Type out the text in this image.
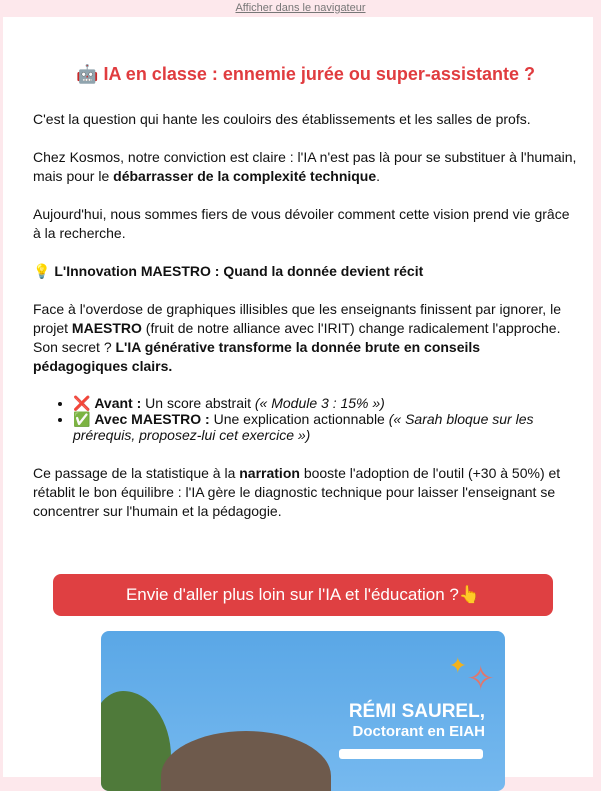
Afficher dans le navigateur
🤖 IA en classe : ennemie jurée ou super-assistante ?

C'est la question qui hante les couloirs des établissements et les salles de profs.

Chez Kosmos, notre conviction est claire : l'IA n'est pas là pour se substituer à l'humain, mais pour le débarrasser de la complexité technique.

Aujourd'hui, nous sommes fiers de vous dévoiler comment cette vision prend vie grâce à la recherche.

💡 L'Innovation MAESTRO : Quand la donnée devient récit

Face à l'overdose de graphiques illisibles que les enseignants finissent par ignorer, le projet MAESTRO (fruit de notre alliance avec l'IRIT) change radicalement l'approche. Son secret ? L'IA générative transforme la donnée brute en conseils pédagogiques clairs.

• ❌ Avant : Un score abstrait (« Module 3 : 15% »)
• ✅ Avec MAESTRO : Une explication actionnable (« Sarah bloque sur les prérequis, proposez-lui cet exercice »)

Ce passage de la statistique à la narration booste l'adoption de l'outil (+30 à 50%) et rétablit le bon équilibre : l'IA gère le diagnostic technique pour laisser l'enseignant se concentrer sur l'humain et la pédagogie.

Envie d'aller plus loin sur l'IA et l'éducation ?👆
✦ ✧
RÉMI SAUREL,
Doctorant en EIAH
